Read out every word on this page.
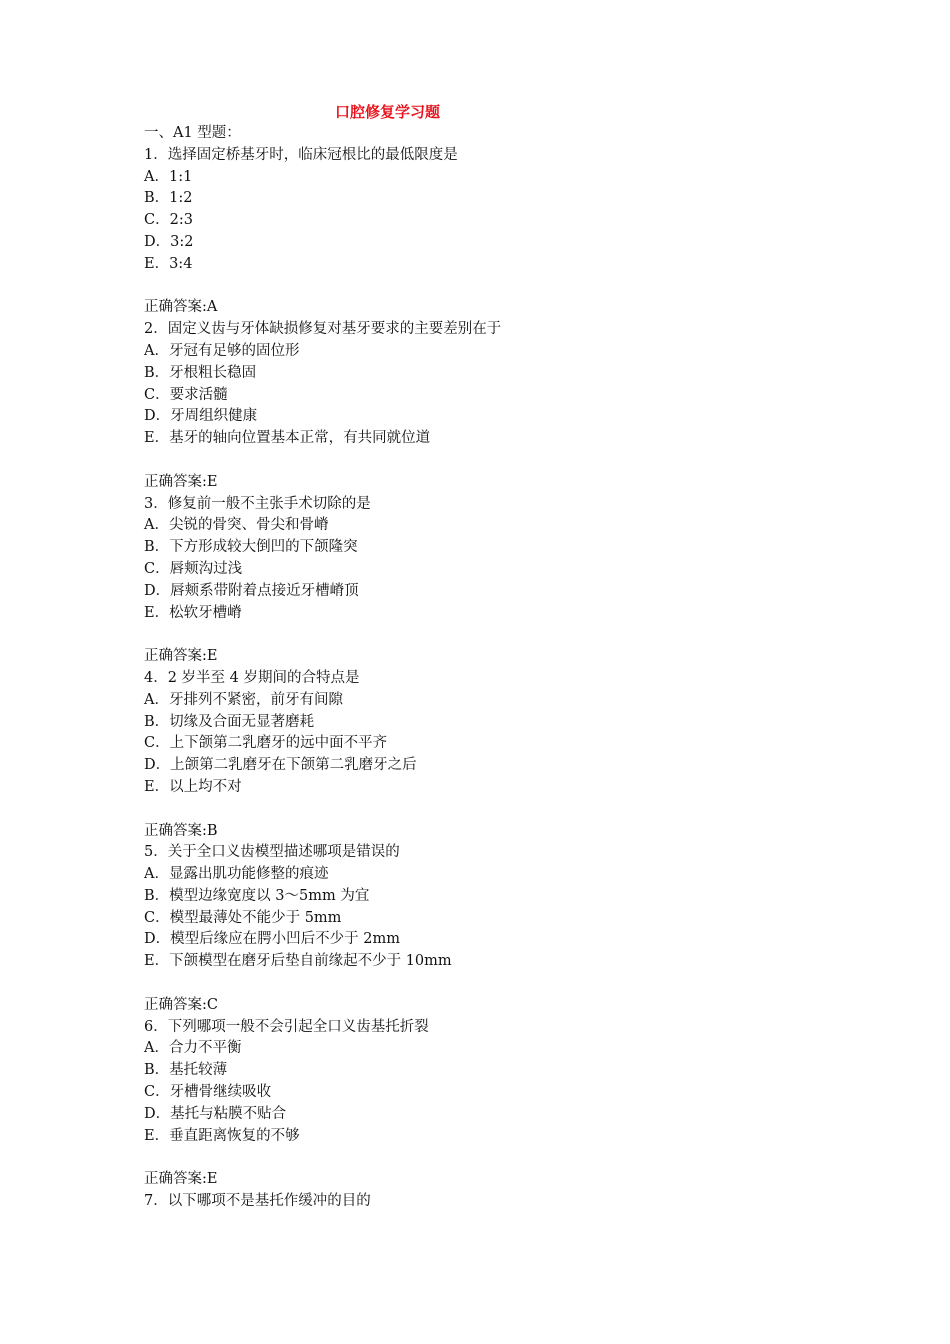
口腔修复学习题
一、A1 型题：
1．选择固定桥基牙时，临床冠根比的最低限度是
A．1:1
B．1:2
C．2:3
D．3:2
E．3:4
正确答案:A
2．固定义齿与牙体缺损修复对基牙要求的主要差别在于
A．牙冠有足够的固位形
B．牙根粗长稳固
C．要求活髓
D．牙周组织健康
E．基牙的轴向位置基本正常，有共同就位道
正确答案:E
3．修复前一般不主张手术切除的是
A．尖锐的骨突、骨尖和骨嵴
B．下方形成较大倒凹的下颌隆突
C．唇颊沟过浅
D．唇颊系带附着点接近牙槽嵴顶
E．松软牙槽嵴
正确答案:E
4．2 岁半至 4 岁期间的合特点是
A．牙排列不紧密，前牙有间隙
B．切缘及合面无显著磨耗
C．上下颌第二乳磨牙的远中面不平齐
D．上颌第二乳磨牙在下颌第二乳磨牙之后
E．以上均不对
正确答案:B
5．关于全口义齿模型描述哪项是错误的
A．显露出肌功能修整的痕迹
B．模型边缘宽度以 3～5mm 为宜
C．模型最薄处不能少于 5mm
D．模型后缘应在腭小凹后不少于 2mm
E．下颌模型在磨牙后垫自前缘起不少于 10mm
正确答案:C
6．下列哪项一般不会引起全口义齿基托折裂
A．合力不平衡
B．基托较薄
C．牙槽骨继续吸收
D．基托与粘膜不贴合
E．垂直距离恢复的不够
正确答案:E
7．以下哪项不是基托作缓冲的目的
